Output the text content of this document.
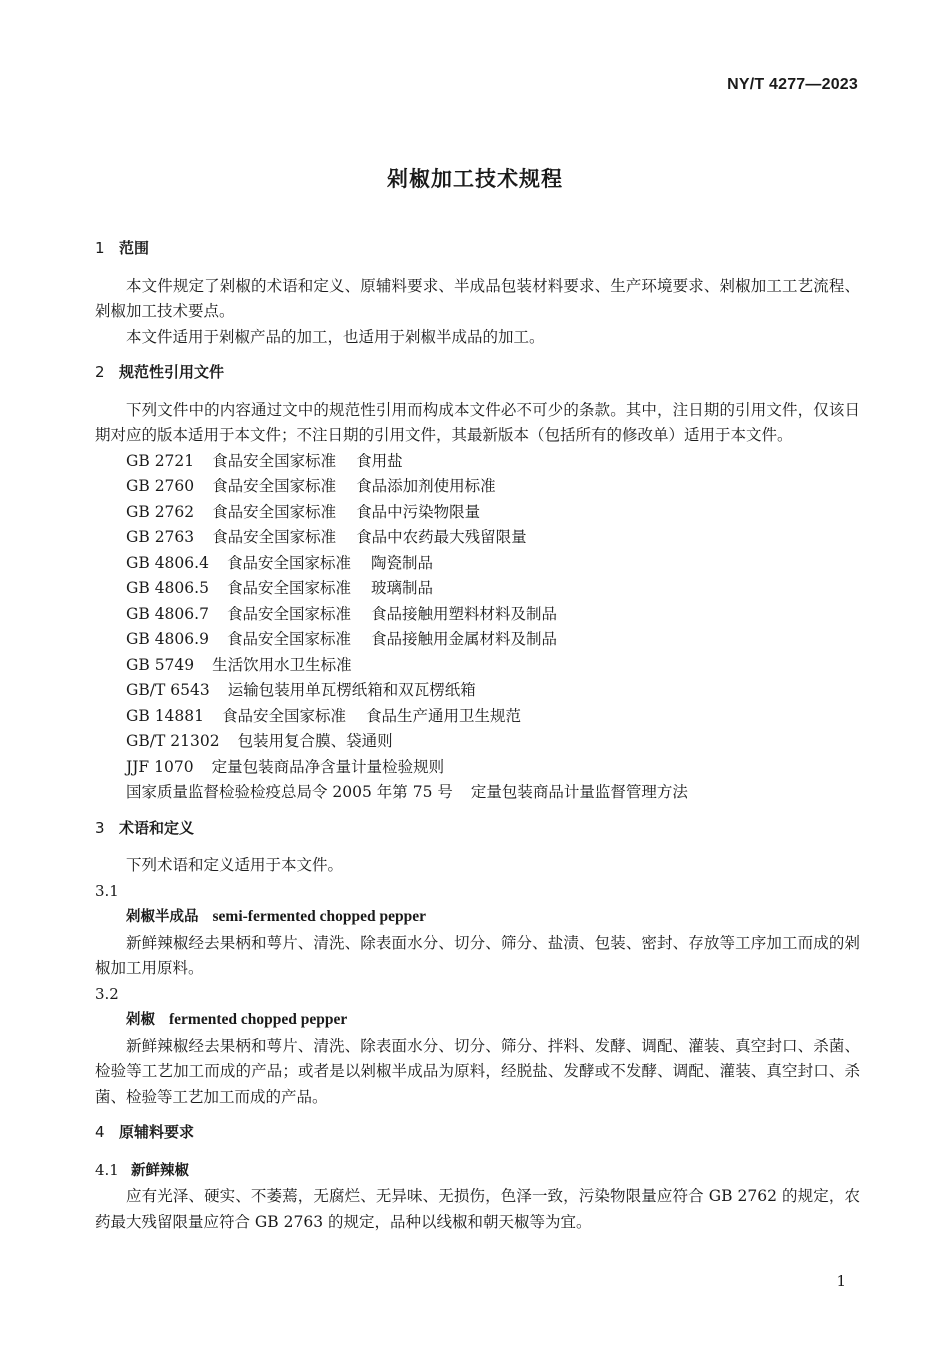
NY/T 4277—2023
剁椒加工技术规程
1 范围

本文件规定了剁椒的术语和定义、原辅料要求、半成品包装材料要求、生产环境要求、剁椒加工工艺流程、剁椒加工技术要点。

本文件适用于剁椒产品的加工，也适用于剁椒半成品的加工。

2 规范性引用文件

下列文件中的内容通过文中的规范性引用而构成本文件必不可少的条款。其中，注日期的引用文件，仅该日期对应的版本适用于本文件；不注日期的引用文件，其最新版本（包括所有的修改单）适用于本文件。

GB 2721 食品安全国家标准 食用盐
GB 2760 食品安全国家标准 食品添加剂使用标准
GB 2762 食品安全国家标准 食品中污染物限量
GB 2763 食品安全国家标准 食品中农药最大残留限量
GB 4806.4 食品安全国家标准 陶瓷制品
GB 4806.5 食品安全国家标准 玻璃制品
GB 4806.7 食品安全国家标准 食品接触用塑料材料及制品
GB 4806.9 食品安全国家标准 食品接触用金属材料及制品
GB 5749 生活饮用水卫生标准
GB/T 6543 运输包装用单瓦楞纸箱和双瓦楞纸箱
GB 14881 食品安全国家标准 食品生产通用卫生规范
GB/T 21302 包装用复合膜、袋通则
JJF 1070 定量包装商品净含量计量检验规则
国家质量监督检验检疫总局令 2005 年第 75 号 定量包装商品计量监督管理方法
3 术语和定义

下列术语和定义适用于本文件。

3.1
剁椒半成品 semi-fermented chopped pepper

新鲜辣椒经去果柄和萼片、清洗、除表面水分、切分、筛分、盐渍、包装、密封、存放等工序加工而成的剁椒加工用原料。

3.2
剁椒 fermented chopped pepper

新鲜辣椒经去果柄和萼片、清洗、除表面水分、切分、筛分、拌料、发酵、调配、灌装、真空封口、杀菌、检验等工艺加工而成的产品；或者是以剁椒半成品为原料，经脱盐、发酵或不发酵、调配、灌装、真空封口、杀菌、检验等工艺加工而成的产品。

4 原辅料要求
4.1 新鲜辣椒

应有光泽、硬实、不萎蔫，无腐烂、无异味、无损伤，色泽一致，污染物限量应符合 GB 2762 的规定，农药最大残留限量应符合 GB 2763 的规定，品种以线椒和朝天椒等为宜。

1
